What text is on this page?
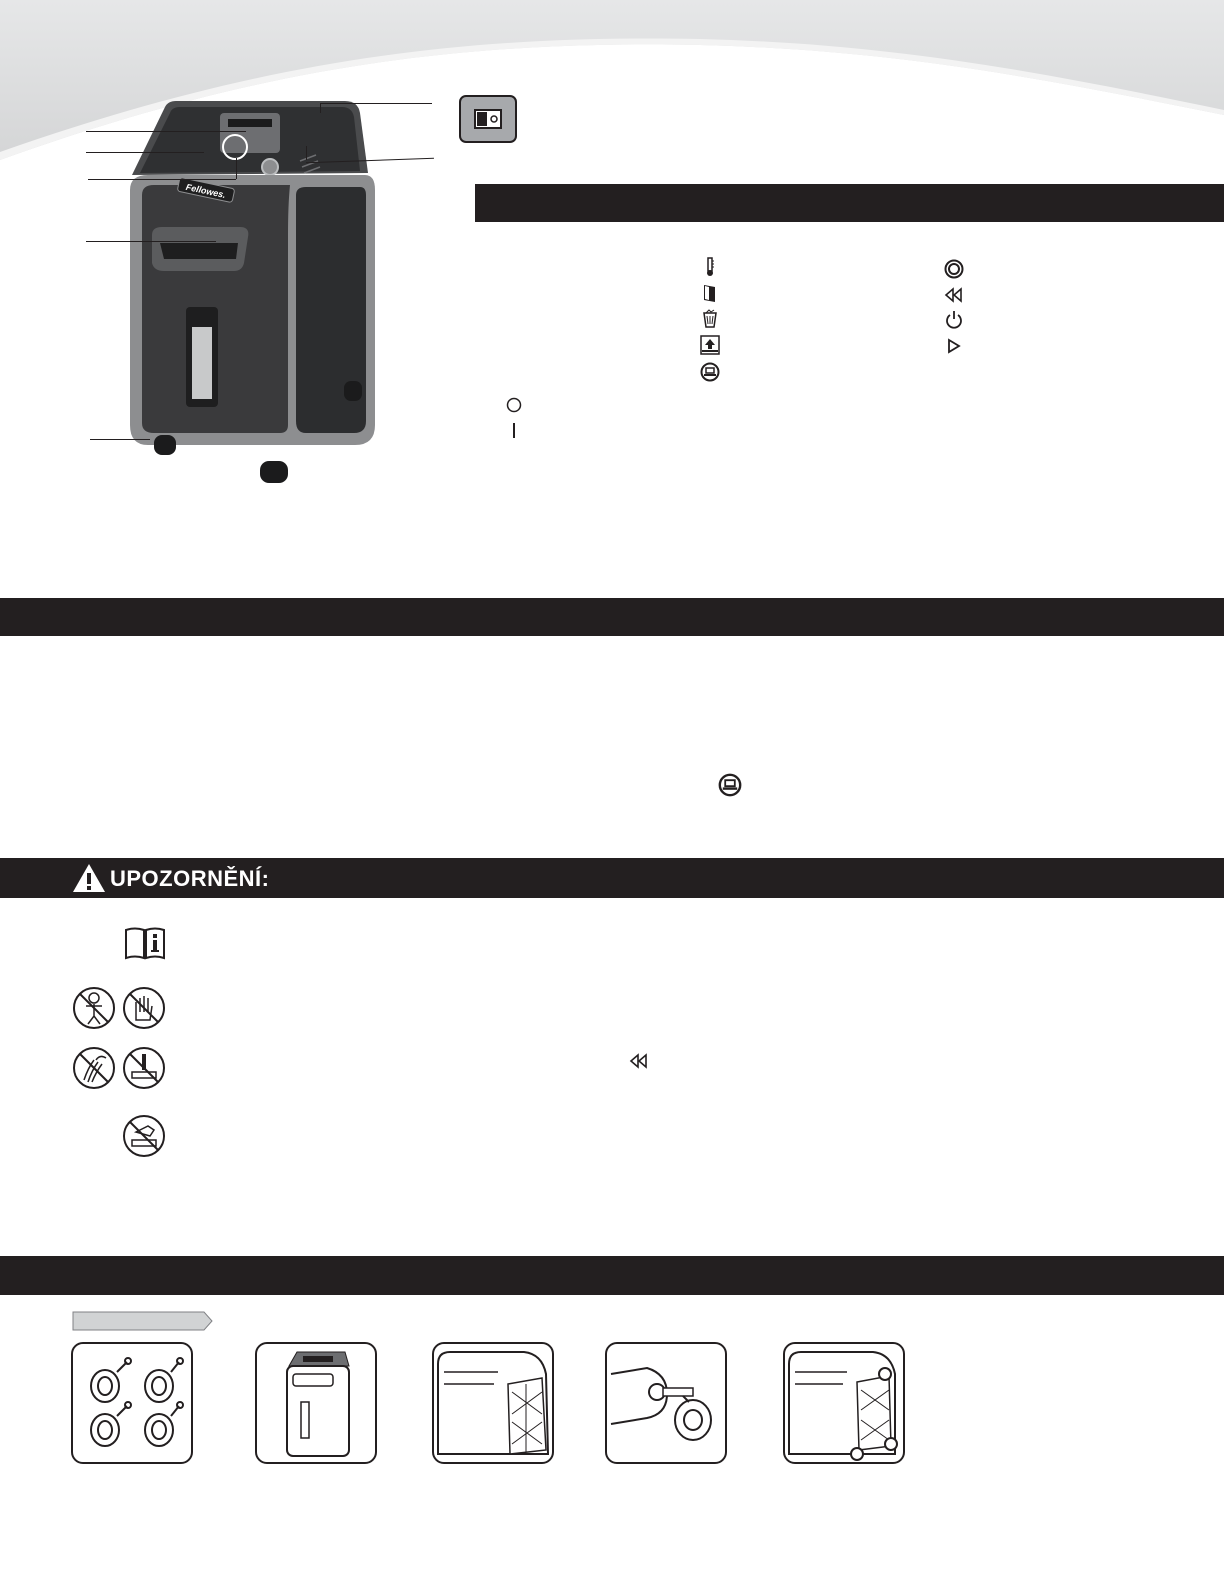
Fellowes.
UPOZORNĚNÍ:
